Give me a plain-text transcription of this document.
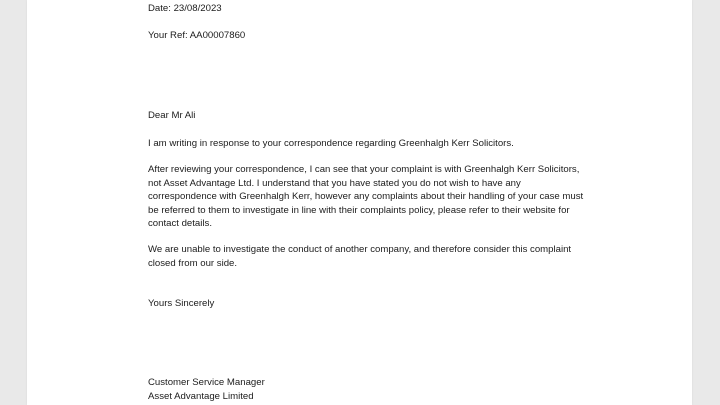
Date: 23/08/2023
Your Ref: AA00007860
Dear Mr Ali
I am writing in response to your correspondence regarding Greenhalgh Kerr Solicitors.
After reviewing your correspondence, I can see that your complaint is with Greenhalgh Kerr Solicitors, not Asset Advantage Ltd. I understand that you have stated you do not wish to have any correspondence with Greenhalgh Kerr, however any complaints about their handling of your case must be referred to them to investigate in line with their complaints policy, please refer to their website for contact details.
We are unable to investigate the conduct of another company, and therefore consider this complaint closed from our side.
Yours Sincerely
Customer Service Manager
Asset Advantage Limited
